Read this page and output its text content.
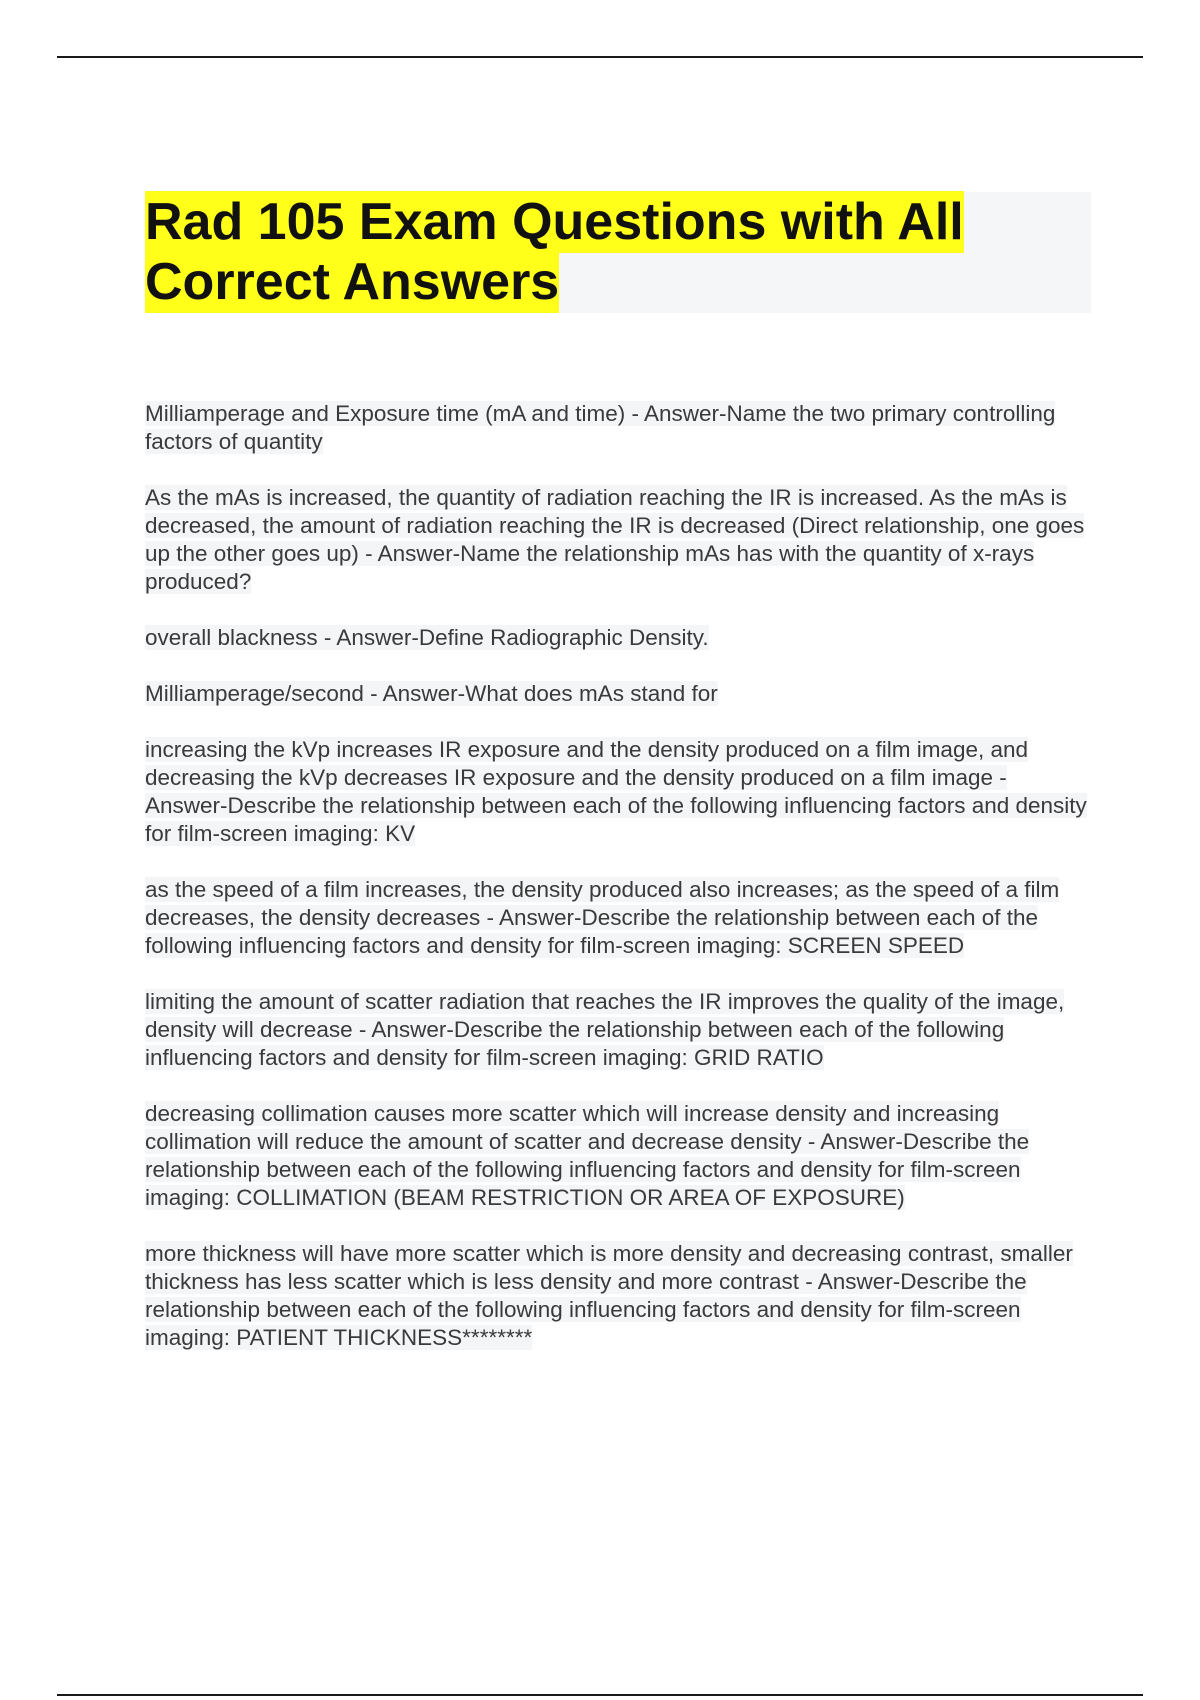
Rad 105 Exam Questions with All Correct Answers
Milliamperage and Exposure time (mA and time) - Answer-Name the two primary controlling factors of quantity
As the mAs is increased, the quantity of radiation reaching the IR is increased. As the mAs is decreased, the amount of radiation reaching the IR is decreased (Direct relationship, one goes up the other goes up) - Answer-Name the relationship mAs has with the quantity of x-rays produced?
overall blackness - Answer-Define Radiographic Density.
Milliamperage/second - Answer-What does mAs stand for
increasing the kVp increases IR exposure and the density produced on a film image, and decreasing the kVp decreases IR exposure and the density produced on a film image - Answer-Describe the relationship between each of the following influencing factors and density for film-screen imaging: KV
as the speed of a film increases, the density produced also increases; as the speed of a film decreases, the density decreases - Answer-Describe the relationship between each of the following influencing factors and density for film-screen imaging: SCREEN SPEED
limiting the amount of scatter radiation that reaches the IR improves the quality of the image, density will decrease - Answer-Describe the relationship between each of the following influencing factors and density for film-screen imaging: GRID RATIO
decreasing collimation causes more scatter which will increase density and increasing collimation will reduce the amount of scatter and decrease density - Answer-Describe the relationship between each of the following influencing factors and density for film-screen imaging: COLLIMATION (BEAM RESTRICTION OR AREA OF EXPOSURE)
more thickness will have more scatter which is more density and decreasing contrast, smaller thickness has less scatter which is less density and more contrast - Answer-Describe the relationship between each of the following influencing factors and density for film-screen imaging: PATIENT THICKNESS********
